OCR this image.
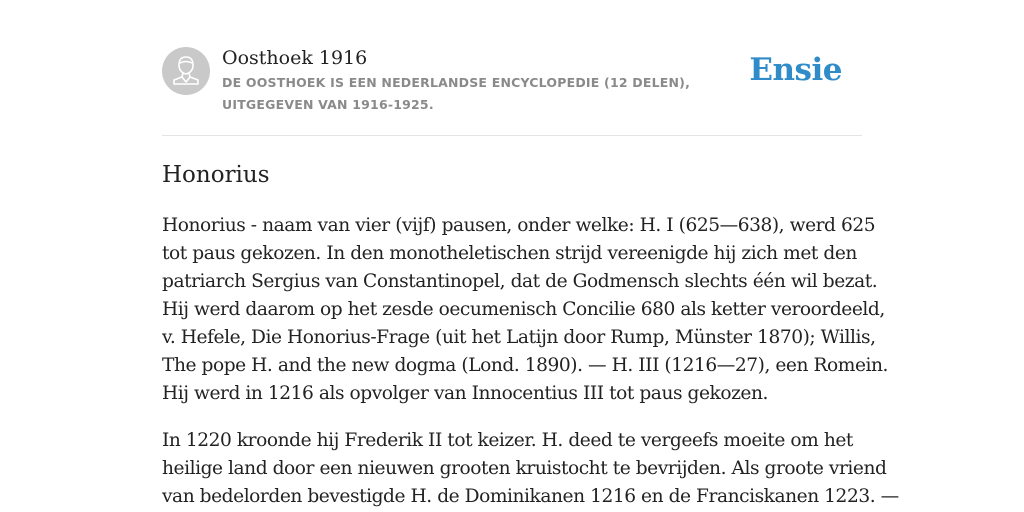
Oosthoek 1916
DE OOSTHOEK IS EEN NEDERLANDSE ENCYCLOPEDIE (12 DELEN), UITGEGEVEN VAN 1916-1925.
Ensie
Honorius

Honorius - naam van vier (vijf) pausen, onder welke: H. I (625—638), werd 625
tot paus gekozen. In den monotheletischen strijd vereenigde hij zich met den
patriarch Sergius van Constantinopel, dat de Godmensch slechts één wil bezat.
Hij werd daarom op het zesde oecumenisch Concilie 680 als ketter veroordeeld,
v. Hefele, Die Honorius-Frage (uit het Latijn door Rump, Münster 1870); Willis,
The pope H. and the new dogma (Lond. 1890). — H. III (1216—27), een Romein.
Hij werd in 1216 als opvolger van Innocentius III tot paus gekozen.

In 1220 kroonde hij Frederik II tot keizer. H. deed te vergeefs moeite om het
heilige land door een nieuwen grooten kruistocht te bevrijden. Als groote vriend
van bedelorden bevestigde H. de Dominikanen 1216 en de Franciskanen 1223. —
